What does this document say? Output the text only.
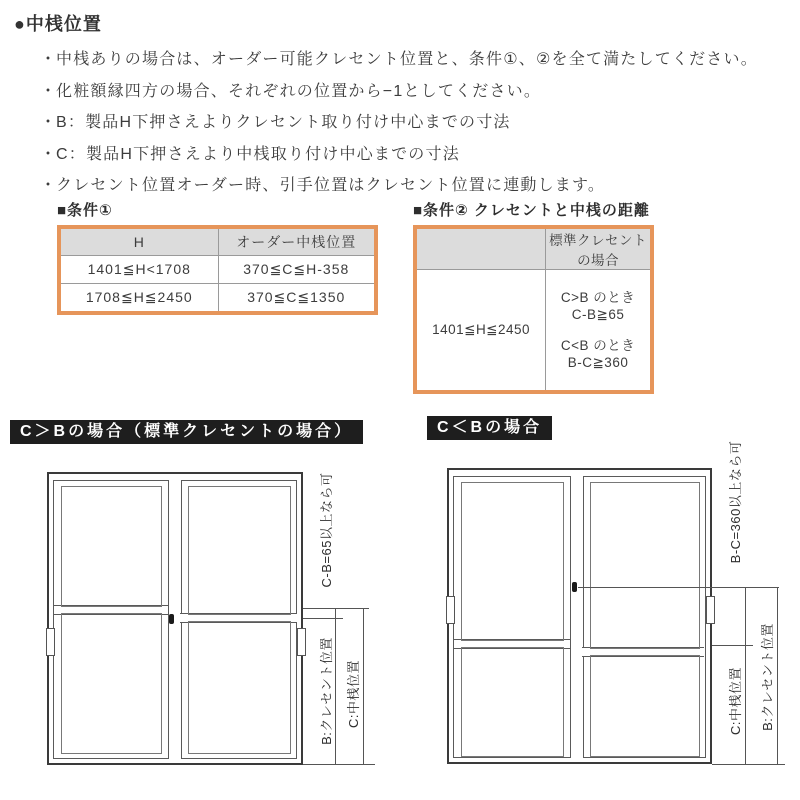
●中桟位置
・中桟ありの場合は、オーダー可能クレセント位置と、条件①、②を全て満たしてください。
・化粧額縁四方の場合、それぞれの位置から−1としてください。
・B：製品H下押さえよりクレセント取り付け中心までの寸法
・C：製品H下押さえより中桟取り付け中心までの寸法
・クレセント位置オーダー時、引手位置はクレセント位置に連動します。
■条件①
H	オーダー中桟位置
1401≦H<1708	370≦C≦H-358
1708≦H≦2450	370≦C≦1350
■条件② クレセントと中桟の距離
標準クレセント
の場合
1401≦H≦2450
C>B のとき
C-B≧65
C<B のとき
B-C≧360
C＞Bの場合（標準クレセントの場合）	C＜Bの場合
C-B=65以上なら可
B:クレセント位置 C:中桟位置
B-C=360以上なら可
C:中桟位置 B:クレセント位置
